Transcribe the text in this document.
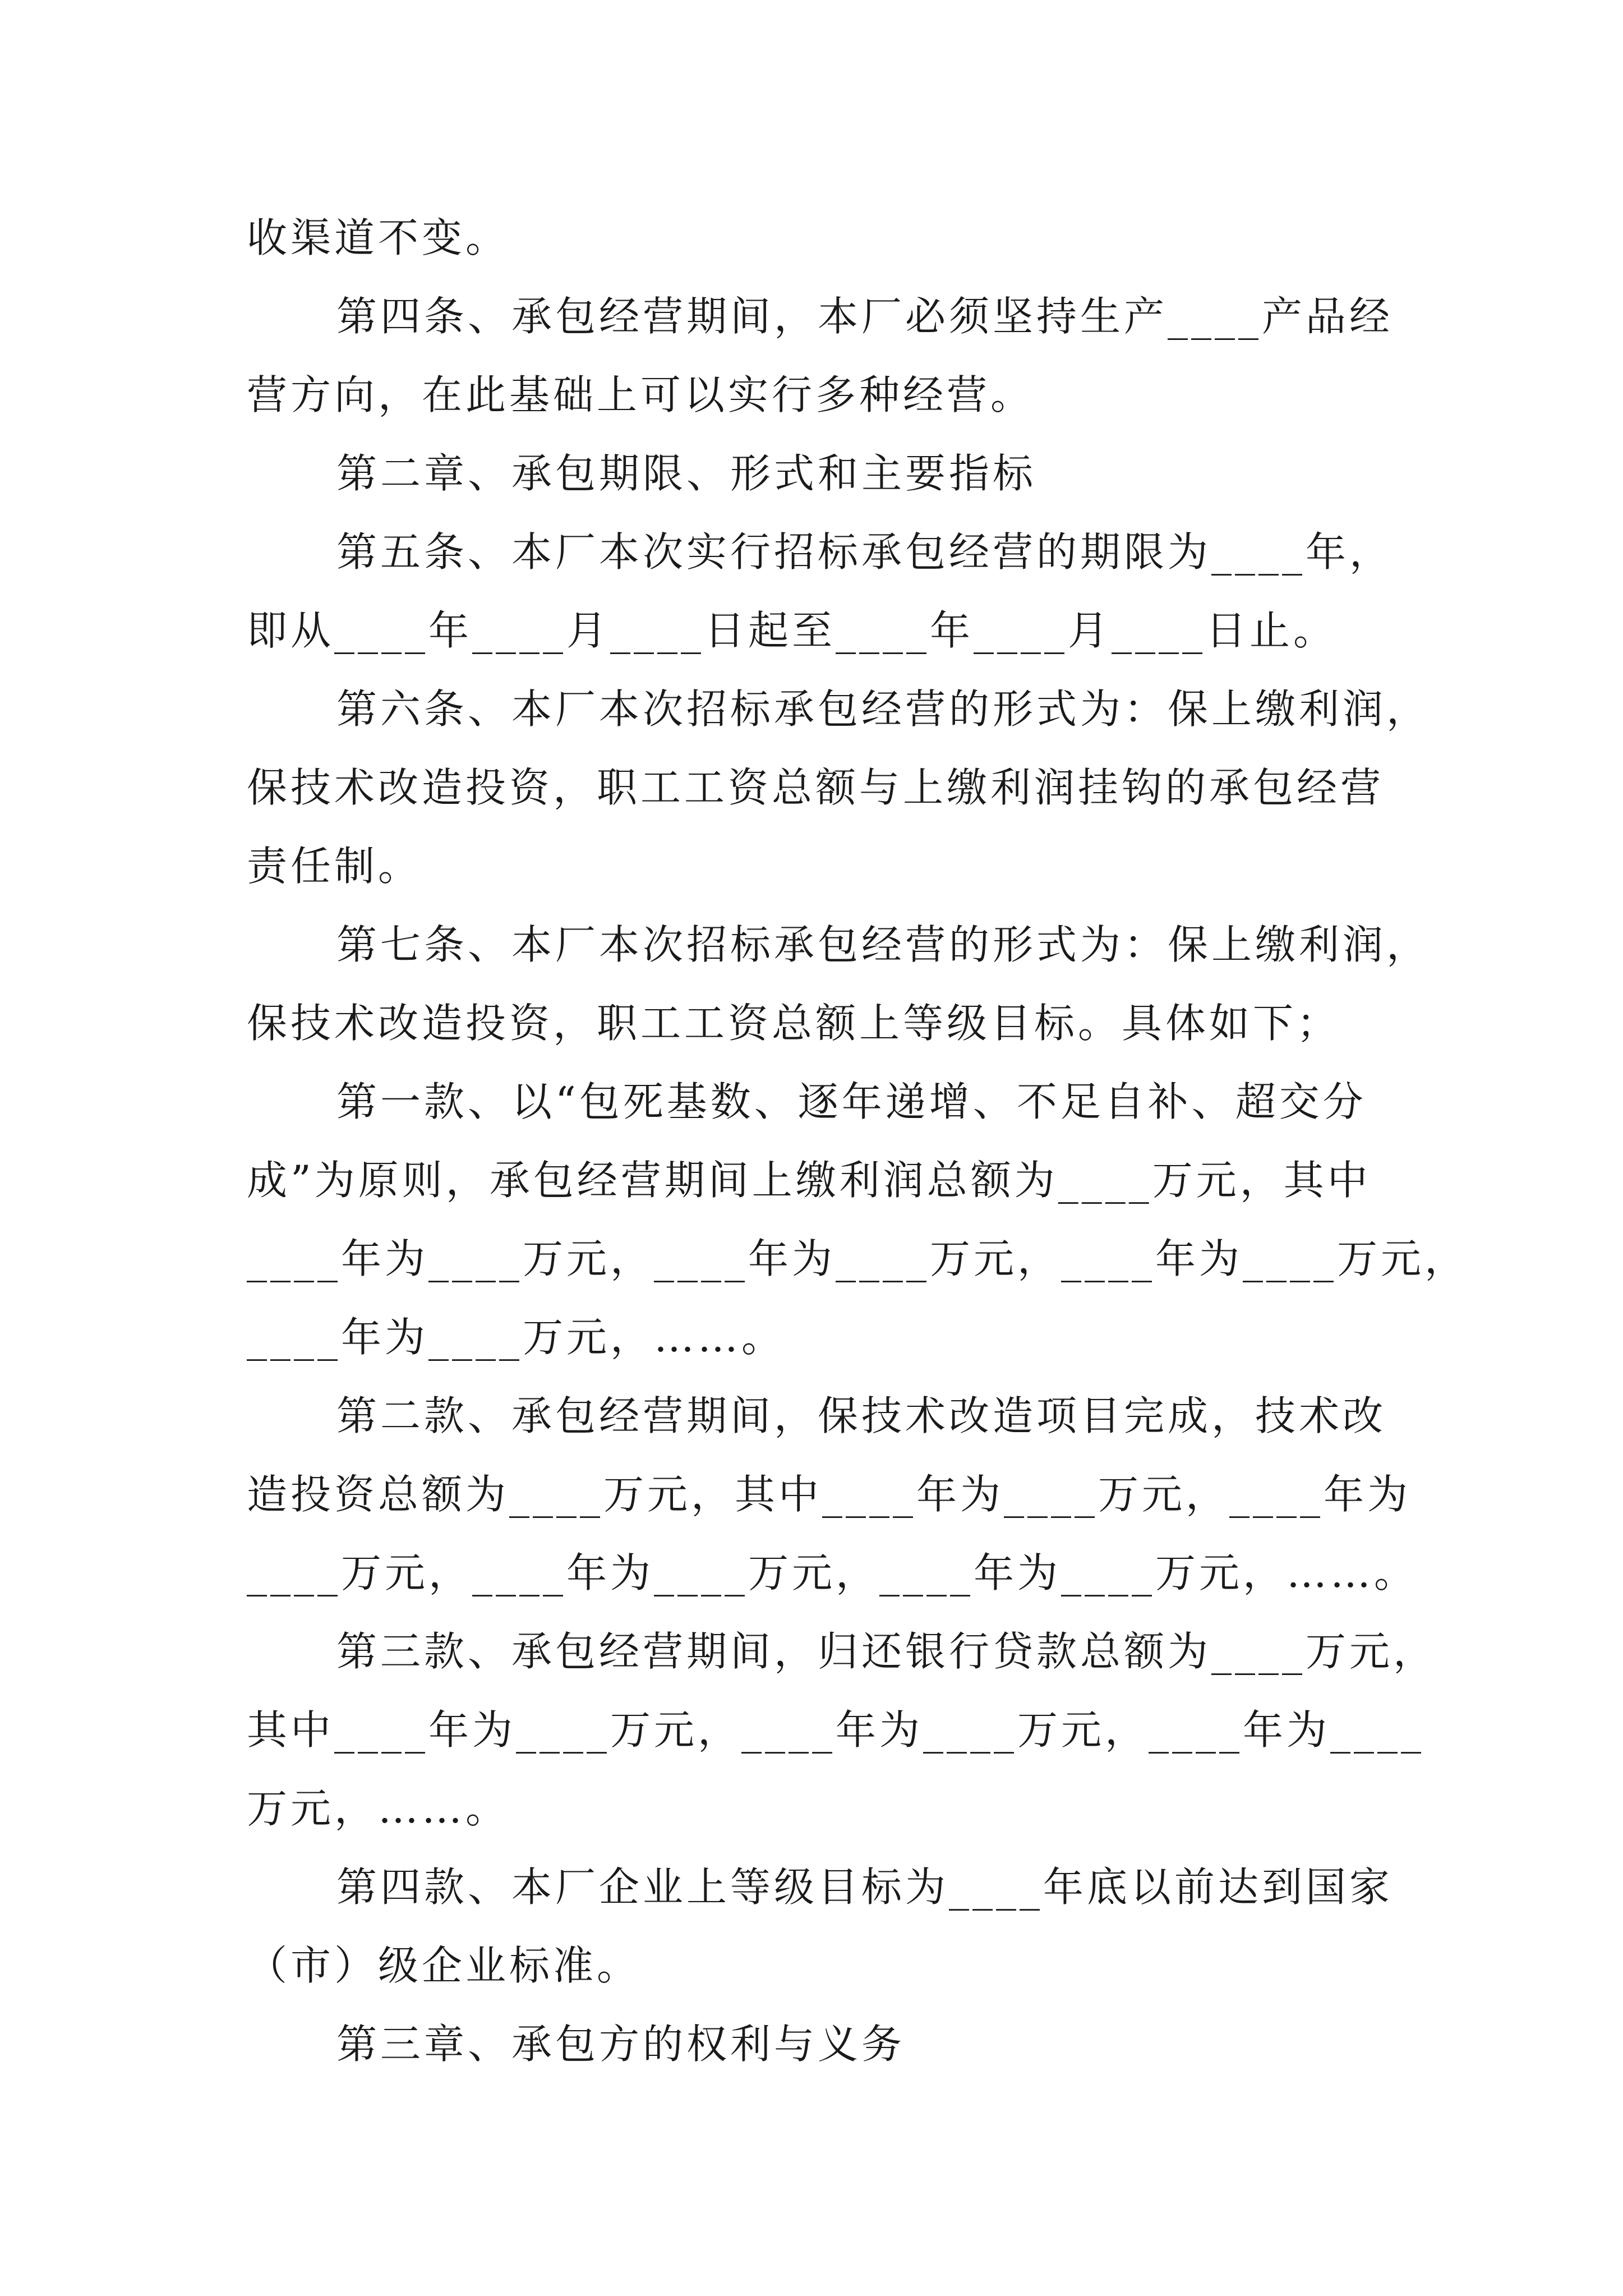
收渠道不变。

第四条、承包经营期间，本厂必须坚持生产____产品经

营方向，在此基础上可以实行多种经营。

第二章、承包期限、形式和主要指标

第五条、本厂本次实行招标承包经营的期限为____年，

即从____年____月____日起至____年____月____日止。

第六条、本厂本次招标承包经营的形式为：保上缴利润，

保技术改造投资，职工工资总额与上缴利润挂钩的承包经营

责任制。

第七条、本厂本次招标承包经营的形式为：保上缴利润，

保技术改造投资，职工工资总额上等级目标。具体如下；

第一款、以“包死基数、逐年递增、不足自补、超交分

成”为原则，承包经营期间上缴利润总额为____万元，其中

____年为____万元，____年为____万元，____年为____万元，

____年为____万元，……。

第二款、承包经营期间，保技术改造项目完成，技术改

造投资总额为____万元，其中____年为____万元，____年为

____万元，____年为____万元，____年为____万元，……。

第三款、承包经营期间，归还银行贷款总额为____万元，

其中____年为____万元，____年为____万元，____年为____

万元，……。

第四款、本厂企业上等级目标为____年底以前达到国家

（市）级企业标准。

第三章、承包方的权利与义务
